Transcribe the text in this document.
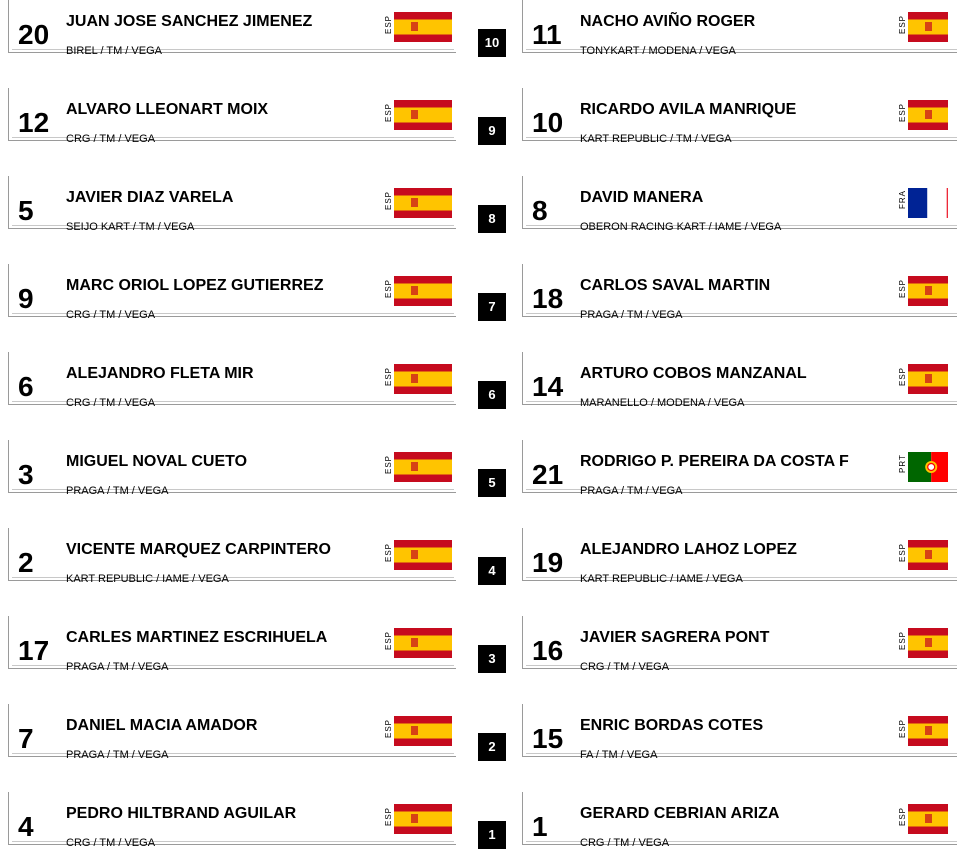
20 JUAN JOSE SANCHEZ JIMENEZ
BIREL / TM / VEGA
ESP	11 NACHO AVIÑO ROGER
TONYKART / MODENA / VEGA
ESP
10
12 ALVARO LLEONART MOIX
CRG / TM / VEGA
ESP	10 RICARDO AVILA MANRIQUE
KART REPUBLIC / TM / VEGA
ESP
9
5 JAVIER DIAZ VARELA
SEIJO KART / TM / VEGA
ESP	8 DAVID MANERA
OBERON RACING KART / IAME / VEGA
FRA
8
9 MARC ORIOL LOPEZ GUTIERREZ
CRG / TM / VEGA
ESP	18 CARLOS SAVAL MARTIN
PRAGA / TM / VEGA
ESP
7
6 ALEJANDRO FLETA MIR
CRG / TM / VEGA
ESP	14 ARTURO COBOS MANZANAL
MARANELLO / MODENA / VEGA
ESP
6
3 MIGUEL NOVAL CUETO
PRAGA / TM / VEGA
ESP	21 RODRIGO P. PEREIRA DA COSTA F
PRAGA / TM / VEGA
PRT
5
2 VICENTE MARQUEZ CARPINTERO
KART REPUBLIC / IAME / VEGA
ESP	19 ALEJANDRO LAHOZ LOPEZ
KART REPUBLIC / IAME / VEGA
ESP
4
17 CARLES MARTINEZ ESCRIHUELA
PRAGA / TM / VEGA
ESP	16 JAVIER SAGRERA PONT
CRG / TM / VEGA
ESP
3
7 DANIEL MACIA AMADOR
PRAGA / TM / VEGA
ESP	15 ENRIC BORDAS COTES
FA / TM / VEGA
ESP
2
4 PEDRO HILTBRAND AGUILAR
CRG / TM / VEGA
ESP	1 GERARD CEBRIAN ARIZA
CRG / TM / VEGA
ESP
1
